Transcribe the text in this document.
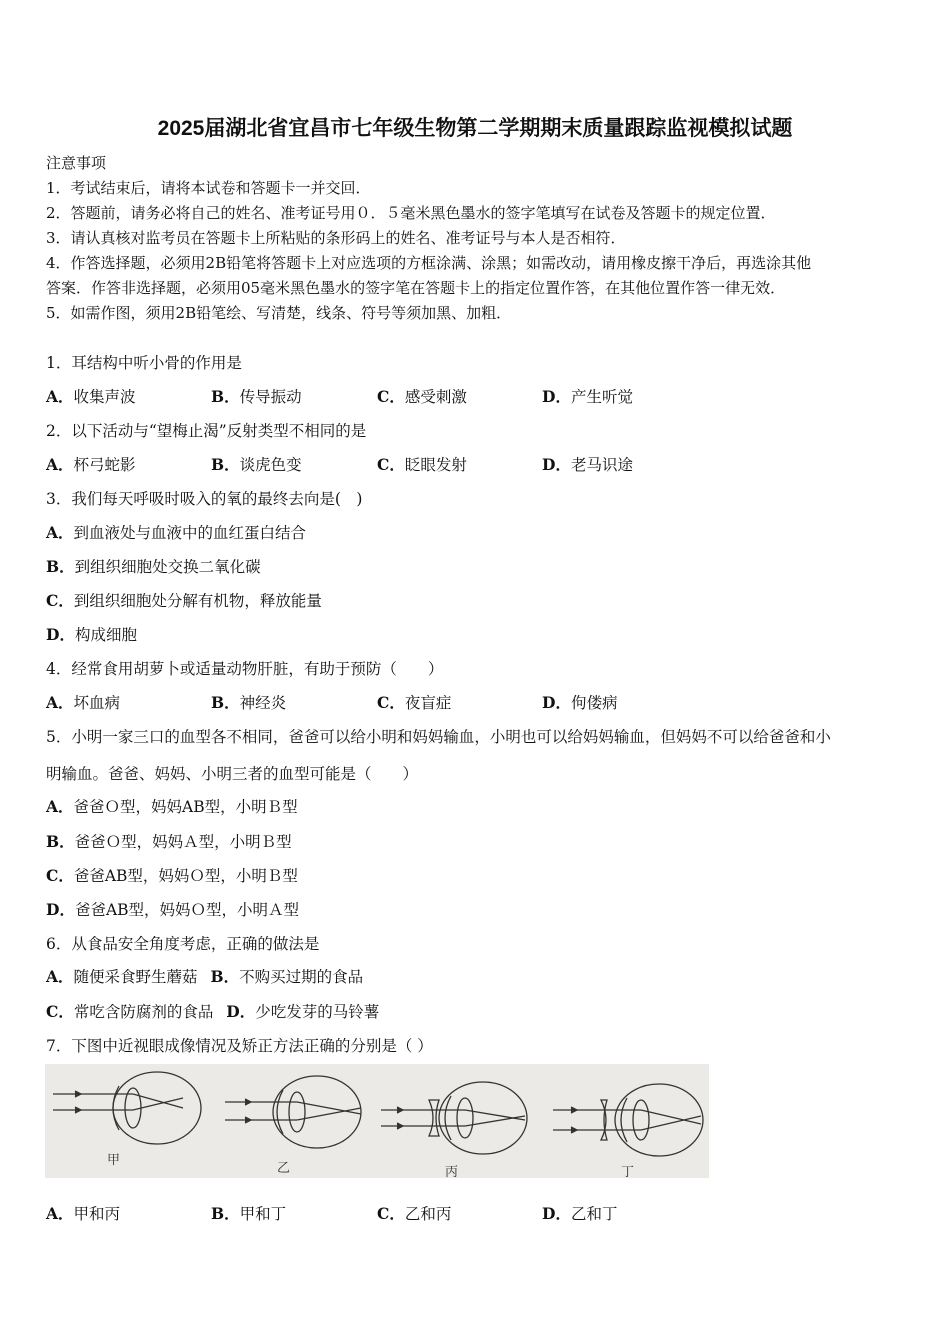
2025届湖北省宜昌市七年级生物第二学期期末质量跟踪监视模拟试题
注意事项
1．考试结束后，请将本试卷和答题卡一并交回．
2．答题前，请务必将自己的姓名、准考证号用０．５毫米黑色墨水的签字笔填写在试卷及答题卡的规定位置．
3．请认真核对监考员在答题卡上所粘贴的条形码上的姓名、准考证号与本人是否相符．
4．作答选择题，必须用2B铅笔将答题卡上对应选项的方框涂满、涂黑；如需改动，请用橡皮擦干净后，再选涂其他
答案．作答非选择题，必须用05毫米黑色墨水的签字笔在答题卡上的指定位置作答，在其他位置作答一律无效．
5．如需作图，须用2B铅笔绘、写清楚，线条、符号等须加黑、加粗．
1．耳结构中听小骨的作用是
A．收集声波	B．传导振动	C．感受刺激	D．产生听觉
2．以下活动与“望梅止渴”反射类型不相同的是
A．杯弓蛇影	B．谈虎色变	C．眨眼发射	D．老马识途
3．我们每天呼吸时吸入的氧的最终去向是(　)
A．到血液处与血液中的血红蛋白结合
B．到组织细胞处交换二氧化碳
C．到组织细胞处分解有机物，释放能量
D．构成细胞
4．经常食用胡萝卜或适量动物肝脏，有助于预防（　　）
A．坏血病	B．神经炎	C．夜盲症	D．佝偻病
5．小明一家三口的血型各不相同，爸爸可以给小明和妈妈输血，小明也可以给妈妈输血，但妈妈不可以给爸爸和小
明输血。爸爸、妈妈、小明三者的血型可能是（　　）
A．爸爸Ｏ型，妈妈AB型，小明Ｂ型
B．爸爸Ｏ型，妈妈Ａ型，小明Ｂ型
C．爸爸AB型，妈妈Ｏ型，小明Ｂ型
D．爸爸AB型，妈妈Ｏ型，小明Ａ型
6．从食品安全角度考虑，正确的做法是
A．随便采食野生蘑菇 B．不购买过期的食品
C．常吃含防腐剂的食品 D．少吃发芽的马铃薯
7．下图中近视眼成像情况及矫正方法正确的分别是（ ）
甲
乙	丙	丁
A．甲和丙	B．甲和丁	C．乙和丙	D．乙和丁
